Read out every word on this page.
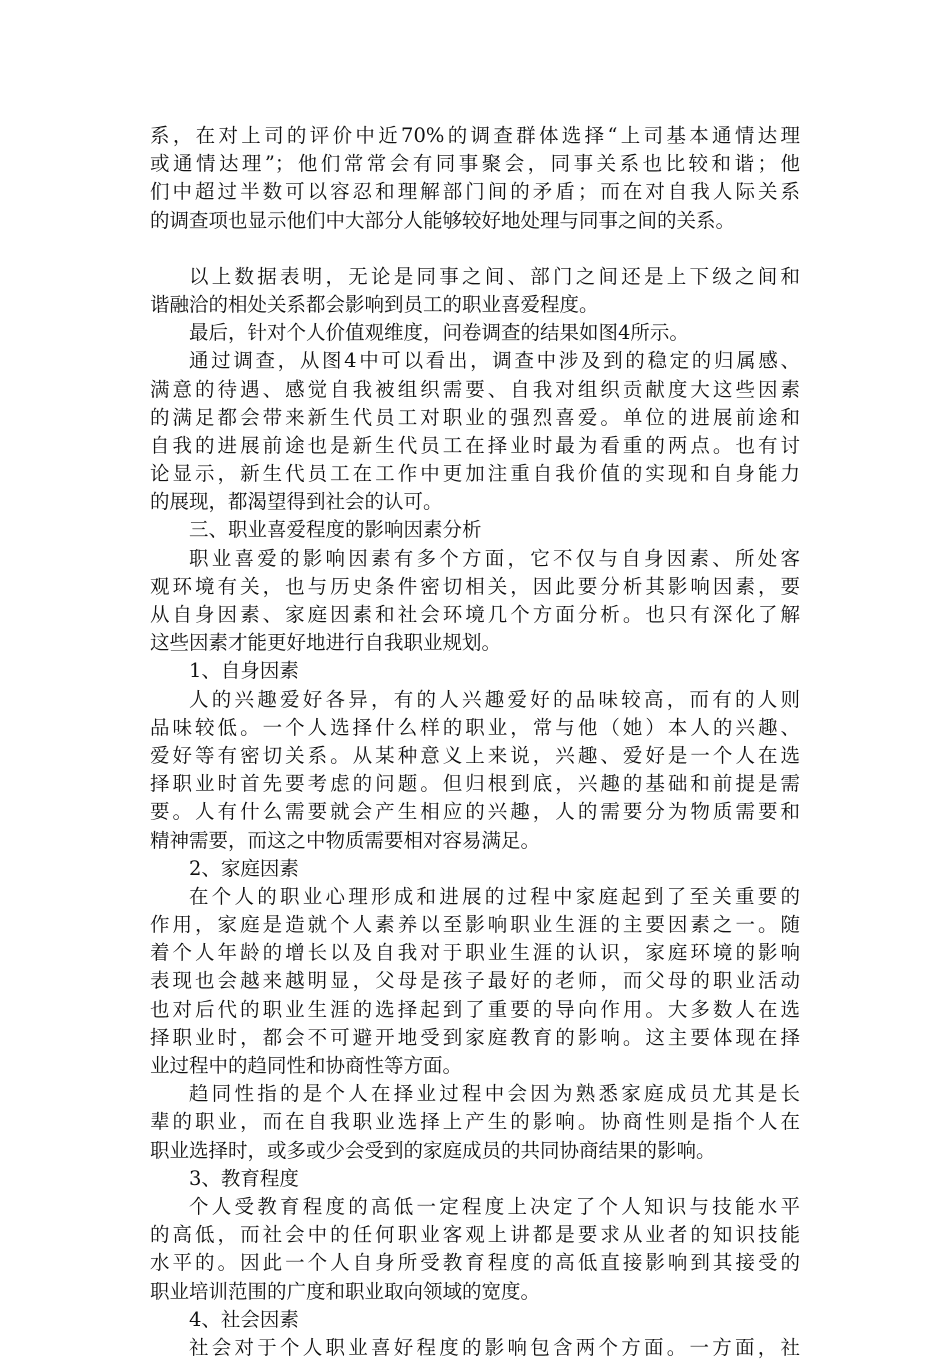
系，在对上司的评价中近70%的调查群体选择“上司基本通情达理
或通情达理”；他们常常会有同事聚会，同事关系也比较和谐；他
们中超过半数可以容忍和理解部门间的矛盾；而在对自我人际关系
的调查项也显示他们中大部分人能够较好地处理与同事之间的关系。
以上数据表明，无论是同事之间、部门之间还是上下级之间和
谐融洽的相处关系都会影响到员工的职业喜爱程度。
最后，针对个人价值观维度，问卷调查的结果如图4所示。
通过调查，从图4中可以看出，调查中涉及到的稳定的归属感、
满意的待遇、感觉自我被组织需要、自我对组织贡献度大这些因素
的满足都会带来新生代员工对职业的强烈喜爱。单位的进展前途和
自我的进展前途也是新生代员工在择业时最为看重的两点。也有讨
论显示，新生代员工在工作中更加注重自我价值的实现和自身能力
的展现，都渴望得到社会的认可。
三、职业喜爱程度的影响因素分析
职业喜爱的影响因素有多个方面，它不仅与自身因素、所处客
观环境有关，也与历史条件密切相关，因此要分析其影响因素，要
从自身因素、家庭因素和社会环境几个方面分析。也只有深化了解
这些因素才能更好地进行自我职业规划。
1、自身因素
人的兴趣爱好各异，有的人兴趣爱好的品味较高，而有的人则
品味较低。一个人选择什么样的职业，常与他（她）本人的兴趣、
爱好等有密切关系。从某种意义上来说，兴趣、爱好是一个人在选
择职业时首先要考虑的问题。但归根到底，兴趣的基础和前提是需
要。人有什么需要就会产生相应的兴趣，人的需要分为物质需要和
精神需要，而这之中物质需要相对容易满足。
2、家庭因素
在个人的职业心理形成和进展的过程中家庭起到了至关重要的
作用，家庭是造就个人素养以至影响职业生涯的主要因素之一。随
着个人年龄的增长以及自我对于职业生涯的认识，家庭环境的影响
表现也会越来越明显，父母是孩子最好的老师，而父母的职业活动
也对后代的职业生涯的选择起到了重要的导向作用。大多数人在选
择职业时，都会不可避开地受到家庭教育的影响。这主要体现在择
业过程中的趋同性和协商性等方面。
趋同性指的是个人在择业过程中会因为熟悉家庭成员尤其是长
辈的职业，而在自我职业选择上产生的影响。协商性则是指个人在
职业选择时，或多或少会受到的家庭成员的共同协商结果的影响。
3、教育程度
个人受教育程度的高低一定程度上决定了个人知识与技能水平
的高低，而社会中的任何职业客观上讲都是要求从业者的知识技能
水平的。因此一个人自身所受教育程度的高低直接影响到其接受的
职业培训范围的广度和职业取向领域的宽度。
4、社会因素
社会对于个人职业喜好程度的影响包含两个方面。一方面，社
